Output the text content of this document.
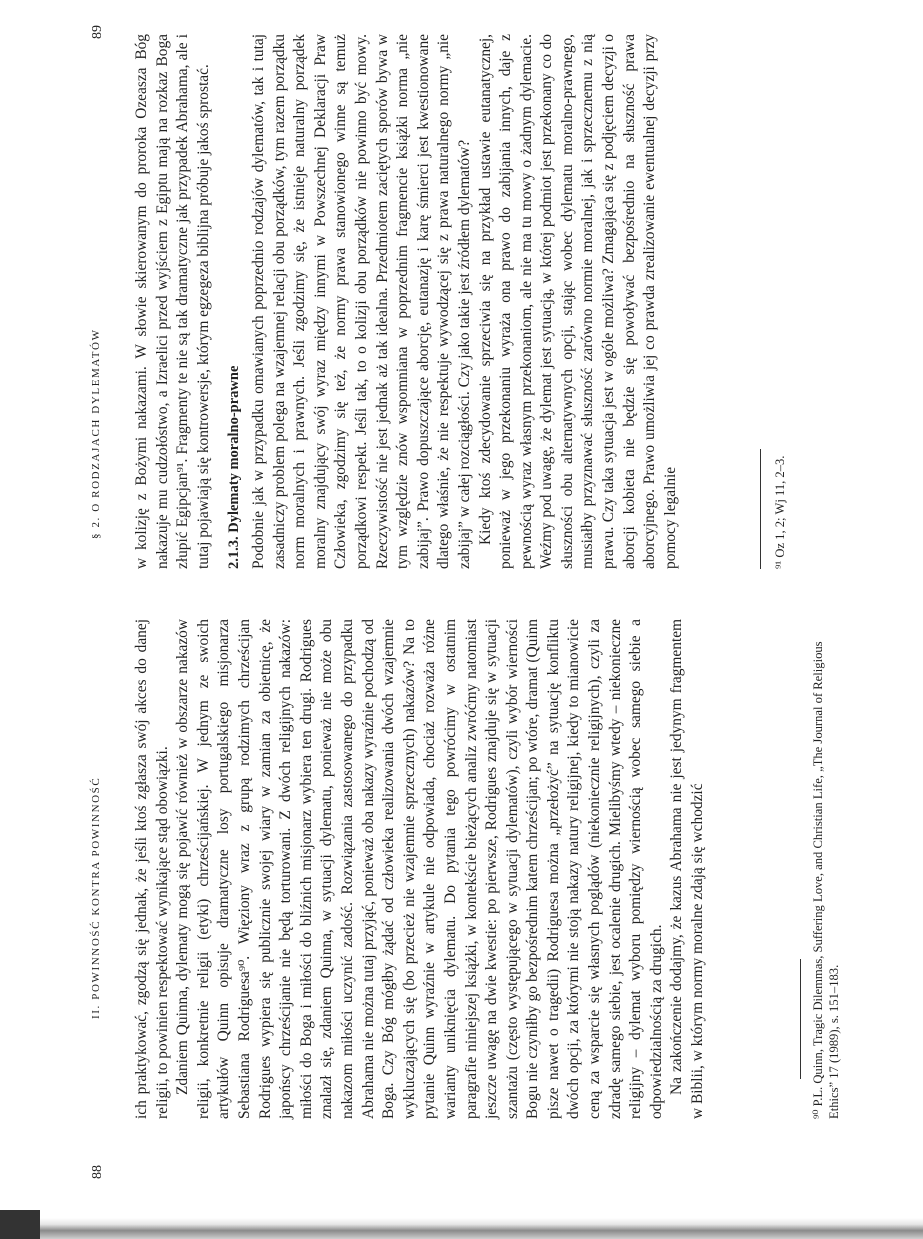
88
II. POWINNOŚĆ KONTRA POWINNOŚĆ ich praktykować, zgodzą się jednak, że jeśli ktoś zgłasza swój akces do danej religii, to powinien respektować wynikające stąd obowiązki. Zdaniem Quinna, dylematy mogą się pojawić również w obszarze nakazów religii, konkretnie religii (etyki) chrześcijańskiej. W jednym ze swoich artykułów Quinn opisuje dramatyczne losy portugalskiego misjonarza Sebastiana Rodriguesa⁹⁰. Więziony wraz z grupą rodzimych chrześcijan Rodrigues wypiera się publicznie swojej wiary w zamian za obietnicę, że japońscy chrześcijanie nie będą torturowani. Z dwóch religijnych nakazów: miłości do Boga i miłości do bliźnich misjonarz wybiera ten drugi. Rodrigues znalazł się, zdaniem Quinna, w sytuacji dylematu, ponieważ nie może obu nakazom miłości uczynić zadość. Rozwiązania zastosowanego do przypadku Abrahama nie można tutaj przyjąć, ponieważ oba nakazy wyraźnie pochodzą od Boga. Czy Bóg mógłby żądać od człowieka realizowania dwóch wzajemnie wykluczających się (bo przecież nie wzajemnie sprzecznych) nakazów? Na to pytanie Quinn wyraźnie w artykule nie odpowiada, chociaż rozważa różne warianty uniknięcia dylematu. Do pytania tego powrócimy w ostatnim paragrafie niniejszej książki, w kontekście bieżących analiz zwróćmy natomiast jeszcze uwagę na dwie kwestie: po pierwsze, Rodrigues znajduje się w sytuacji szantażu (często występującego w sytuacji dylematów), czyli wybór wierności Bogu nie czyniłby go bezpośrednim katem chrześcijan; po wtóre, dramat (Quinn pisze nawet o tragedii) Rodriguesa można „przełożyć” na sytuację konfliktu dwóch opcji, za którymi nie stoją nakazy natury religijnej, kiedy to mianowicie ceną za wsparcie się własnych poglądów (niekoniecznie religijnych), czyli za zdradę samego siebie, jest ocalenie drugich. Mielibyśmy wtedy – niekonieczne religijny – dylemat wyboru pomiędzy wiernością wobec samego siebie a odpowiedzialnością za drugich. Na zakończenie dodajmy, że kazus Abrahama nie jest jedynym fragmentem w Biblii, w którym normy moralne zdają się wchodzić	⁹⁰ P.L. Quinn, Tragic Dilemmas, Suffering Love, and Christian Life, „The Journal of Religious Ethics” 17 (1989), s. 151–183.
§ 2. O RODZAJACH DYLEMATÓW
89

w kolizję z Bożymi nakazami. W słowie skierowanym do proroka Ozeasza Bóg nakazuje mu cudzołóstwo, a Izraelici przed wyjściem z Egiptu mają na rozkaz Boga złupić Egipcjan⁹¹. Fragmenty te nie są tak dramatyczne jak przypadek Abrahama, ale i tutaj pojawiają się kontrowersje, którym egzegeza biblijna próbuje jakoś sprostać. 2.1.3. Dylematy moralno-prawne Podobnie jak w przypadku omawianych poprzednio rodzajów dylematów, tak i tutaj zasadniczy problem polega na wzajemnej relacji obu porządków, tym razem porządku norm moralnych i prawnych. Jeśli zgodzimy się, że istnieje naturalny porządek moralny znajdujący swój wyraz między innymi w Powszechnej Deklaracji Praw Człowieka, zgodzimy się też, że normy prawa stanowionego winne są temuż porządkowi respekt. Jeśli tak, to o kolizji obu porządków nie powinno być mowy. Rzeczywistość nie jest jednak aż tak idealna. Przedmiotem zaciętych sporów bywa w tym względzie znów wspomniana w poprzednim fragmencie książki norma „nie zabijaj”. Prawo dopuszczające aborcję, eutanazję i karę śmierci jest kwestionowane dlatego właśnie, że nie respektuje wywodzącej się z prawa naturalnego normy „nie zabijaj” w całej rozciągłości. Czy jako takie jest źródłem dylematów? Kiedy ktoś zdecydowanie sprzeciwia się na przykład ustawie eutanatycznej, ponieważ w jego przekonaniu wyraża ona prawo do zabijania innych, daje z pewnością wyraz własnym przekonaniom, ale nie ma tu mowy o żadnym dylemacie. Weźmy pod uwagę, że dylemat jest sytuacją, w której podmiot jest przekonany co do słuszności obu alternatywnych opcji, stając wobec dylematu moralno-prawnego, musiałby przyznawać słuszność zarówno normie moralnej, jak i sprzecznemu z nią prawu. Czy taka sytuacja jest w ogóle możliwa? Zmagająca się z podjęciem decyzji o aborcji kobieta nie będzie się powoływać bezpośrednio na słuszność prawa aborcyjnego. Prawo umożliwia jej co prawda zrealizowanie ewentualnej decyzji przy pomocy legalnie	⁹¹ Oz 1, 2; Wj 11, 2–3.
